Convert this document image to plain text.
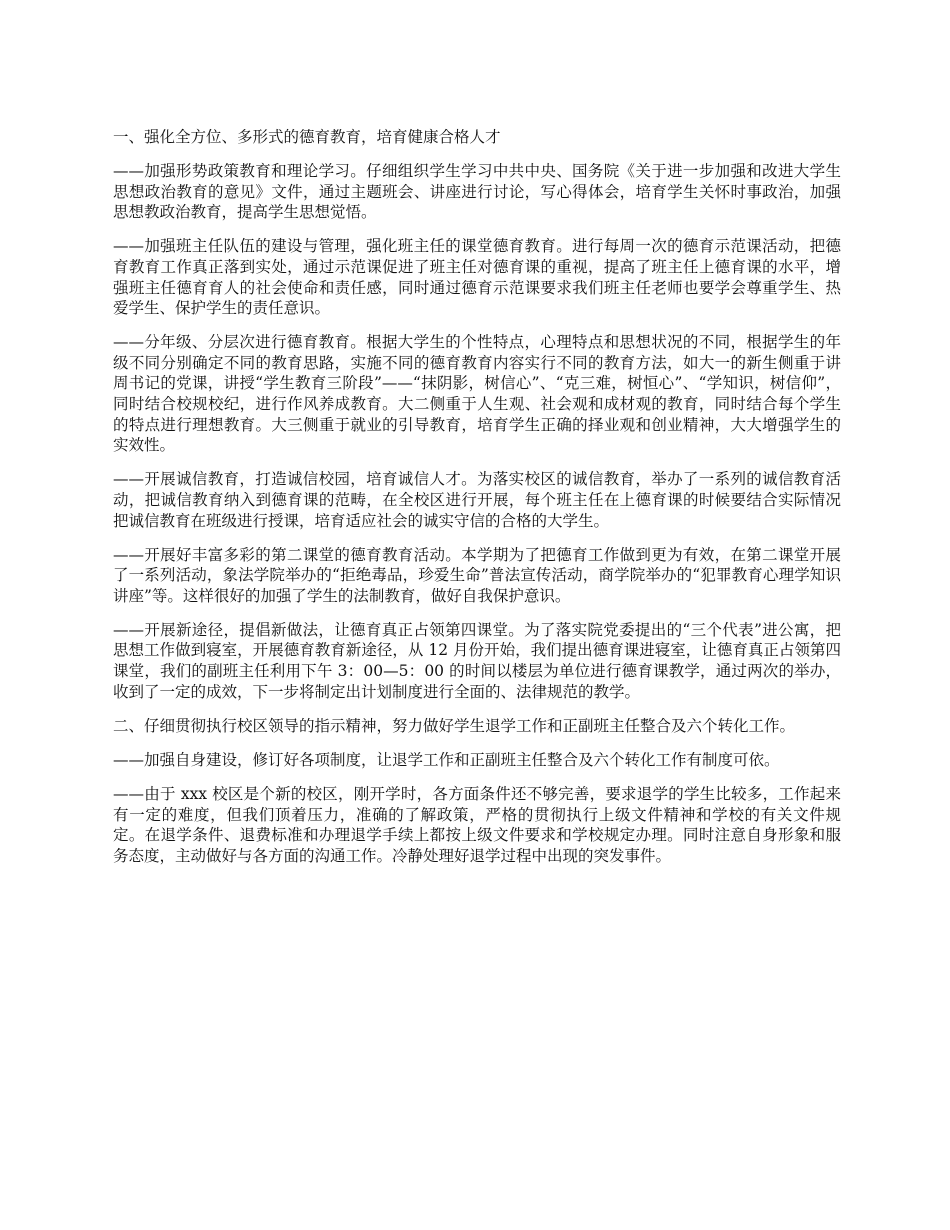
一、强化全方位、多形式的德育教育，培育健康合格人才

——加强形势政策教育和理论学习。仔细组织学生学习中共中央、国务院《关于进一步加强和改进大学生思想政治教育的意见》文件，通过主题班会、讲座进行讨论，写心得体会，培育学生关怀时事政治，加强思想教政治教育，提高学生思想觉悟。

——加强班主任队伍的建设与管理，强化班主任的课堂德育教育。进行每周一次的德育示范课活动，把德育教育工作真正落到实处，通过示范课促进了班主任对德育课的重视，提高了班主任上德育课的水平，增强班主任德育育人的社会使命和责任感，同时通过德育示范课要求我们班主任老师也要学会尊重学生、热爱学生、保护学生的责任意识。

——分年级、分层次进行德育教育。根据大学生的个性特点，心理特点和思想状况的不同，根据学生的年级不同分别确定不同的教育思路，实施不同的德育教育内容实行不同的教育方法，如大一的新生侧重于讲周书记的党课，讲授“学生教育三阶段”——“抹阴影，树信心”、“克三难，树恒心”、“学知识，树信仰”，同时结合校规校纪，进行作风养成教育。大二侧重于人生观、社会观和成材观的教育，同时结合每个学生的特点进行理想教育。大三侧重于就业的引导教育，培育学生正确的择业观和创业精神，大大增强学生的实效性。

——开展诚信教育，打造诚信校园，培育诚信人才。为落实校区的诚信教育，举办了一系列的诚信教育活动，把诚信教育纳入到德育课的范畴，在全校区进行开展，每个班主任在上德育课的时候要结合实际情况把诚信教育在班级进行授课，培育适应社会的诚实守信的合格的大学生。

——开展好丰富多彩的第二课堂的德育教育活动。本学期为了把德育工作做到更为有效，在第二课堂开展了一系列活动，象法学院举办的“拒绝毒品，珍爱生命”普法宣传活动，商学院举办的“犯罪教育心理学知识讲座”等。这样很好的加强了学生的法制教育，做好自我保护意识。

——开展新途径，提倡新做法，让德育真正占领第四课堂。为了落实院党委提出的“三个代表”进公寓，把思想工作做到寝室，开展德育教育新途径，从 12 月份开始，我们提出德育课进寝室，让德育真正占领第四课堂，我们的副班主任利用下午 3：00—5：00 的时间以楼层为单位进行德育课教学，通过两次的举办，收到了一定的成效，下一步将制定出计划制度进行全面的、法律规范的教学。

二、仔细贯彻执行校区领导的指示精神，努力做好学生退学工作和正副班主任整合及六个转化工作。

——加强自身建设，修订好各项制度，让退学工作和正副班主任整合及六个转化工作有制度可依。

——由于 xxx 校区是个新的校区，刚开学时，各方面条件还不够完善，要求退学的学生比较多，工作起来有一定的难度，但我们顶着压力，准确的了解政策，严格的贯彻执行上级文件精神和学校的有关文件规定。在退学条件、退费标准和办理退学手续上都按上级文件要求和学校规定办理。同时注意自身形象和服务态度，主动做好与各方面的沟通工作。冷静处理好退学过程中出现的突发事件。
